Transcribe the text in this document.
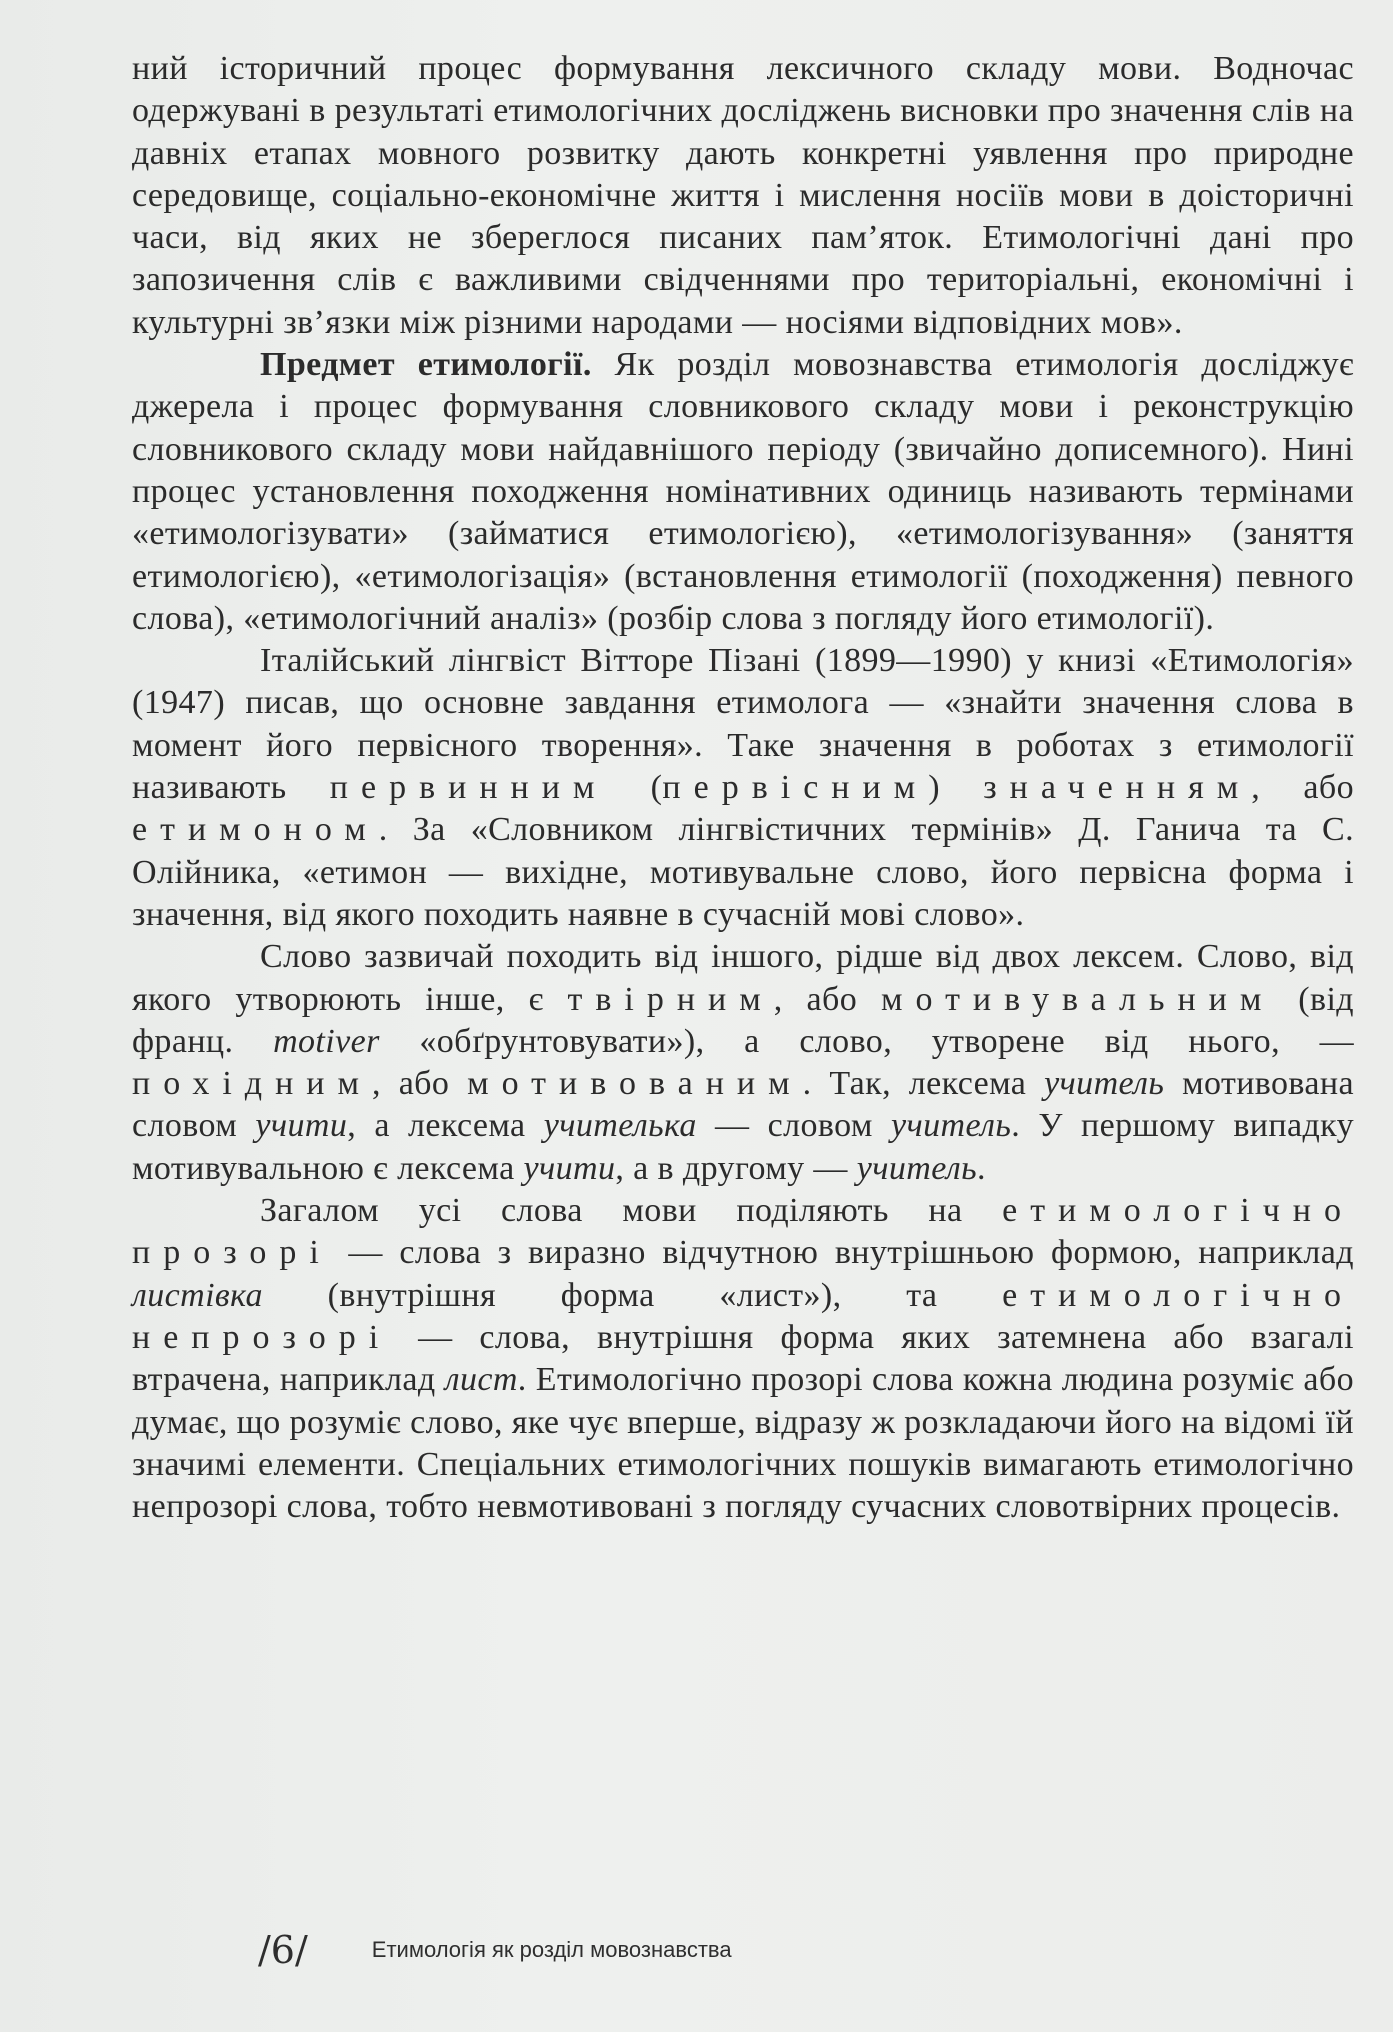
ний історичний процес формування лексичного складу мови. Водночас одержувані в результаті етимологічних досліджень висновки про значення слів на давніх етапах мовного розвитку дають конкретні уявлення про природне середовище, соціально-економічне життя і мислення носіїв мови в доісторичні часи, від яких не збереглося писаних пам’яток. Етимологічні дані про запозичення слів є важливими свідченнями про територіальні, економічні і культурні зв’язки між різними народами — носіями відповідних мов».

Предмет етимології. Як розділ мовознавства етимологія досліджує джерела і процес формування словникового складу мови і реконструкцію словникового складу мови найдавнішого періоду (звичайно дописемного). Нині процес установлення походження номінативних одиниць називають термінами «етимологізувати» (займатися етимологією), «етимологізування» (заняття етимологією), «етимологізація» (встановлення етимології (походження) певного слова), «етимологічний аналіз» (розбір слова з погляду його етимології).

Італійський лінгвіст Вітторе Пізані (1899—1990) у книзі «Етимологія» (1947) писав, що основне завдання етимолога — «знайти значення слова в момент його первісного творення». Таке значення в роботах з етимології називають первинним (первісним) значенням, або етимоном. За «Словником лінгвістичних термінів» Д. Ганича та С. Олійника, «етимон — вихідне, мотивувальне слово, його первісна форма і значення, від якого походить наявне в сучасній мові слово».

Слово зазвичай походить від іншого, рідше від двох лексем. Слово, від якого утворюють інше, є твірним, або мотивувальним (від франц. motiver «обґрунтовувати»), а слово, утворене від нього, — похідним, або мотивованим. Так, лексема учитель мотивована словом учити, а лексема учителька — словом учитель. У першому випадку мотивувальною є лексема учити, а в другому — учитель.

Загалом усі слова мови поділяють на етимологічно прозорі — слова з виразно відчутною внутрішньою формою, наприклад листівка (внутрішня форма «лист»), та етимологічно непрозорі — слова, внутрішня форма яких затемнена або взагалі втрачена, наприклад лист. Етимологічно прозорі слова кожна людина розуміє або думає, що розуміє слово, яке чує вперше, відразу ж розкладаючи його на відомі їй значимі елементи. Спеціальних етимологічних пошуків вимагають етимологічно непрозорі слова, тобто невмотивовані з погляду сучасних словотвірних процесів.

/6/	Етимологія як розділ мовознавства
